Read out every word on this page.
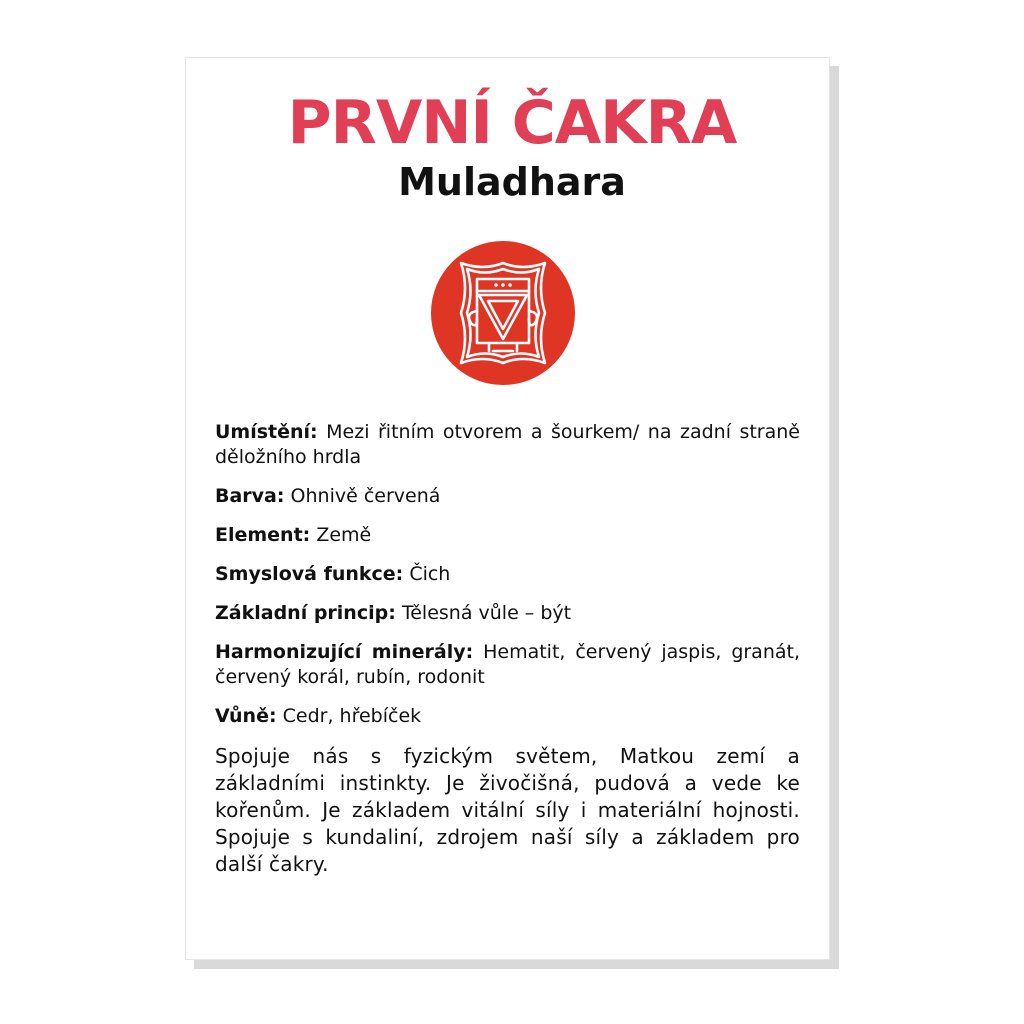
PRVNÍ ČAKRA
Muladhara

Umístění: Mezi řitním otvorem a šourkem/ na zadní straně děložního hrdla

Barva: Ohnivě červená

Element: Země

Smyslová funkce: Čich

Základní princip: Tělesná vůle – být

Harmonizující minerály: Hematit, červený jaspis, granát, červený korál, rubín, rodonit

Vůně: Cedr, hřebíček

Spojuje nás s fyzickým světem, Matkou zemí a základními instinkty. Je živočišná, pudová a vede ke kořenům. Je základem vitální síly i materiální hojnosti. Spojuje s kundaliní, zdrojem naší síly a základem pro další čakry.
